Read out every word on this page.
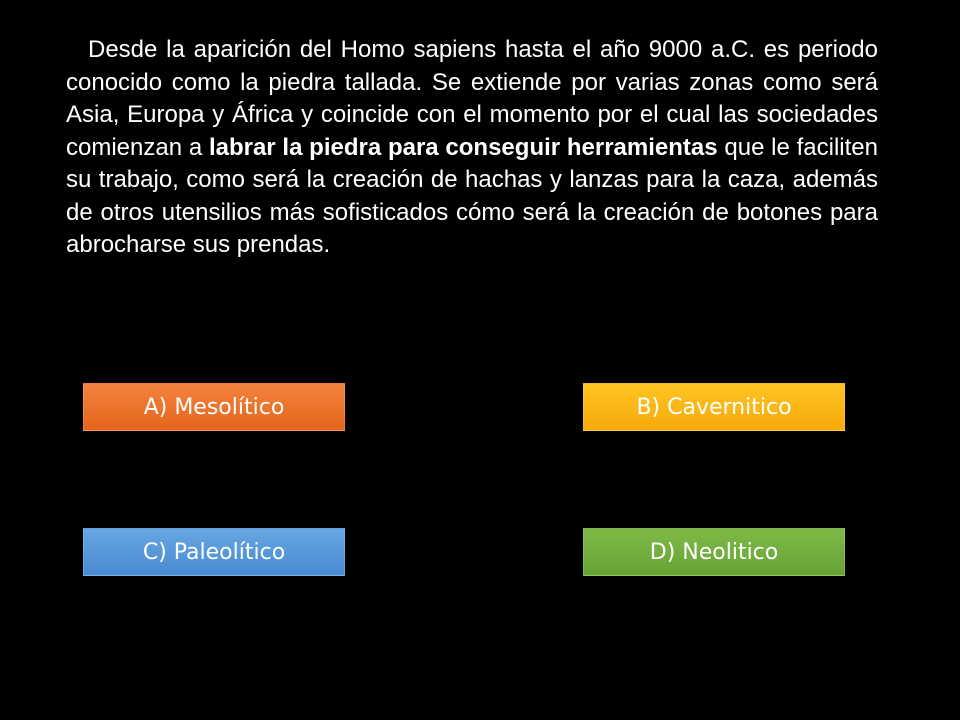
Desde la aparición del Homo sapiens hasta el año 9000 a.C. es periodo conocido como la piedra tallada. Se extiende por varias zonas como será Asia, Europa y África y coincide con el momento por el cual las sociedades comienzan a labrar la piedra para conseguir herramientas que le faciliten su trabajo, como será la creación de hachas y lanzas para la caza, además de otros utensilios más sofisticados cómo será la creación de botones para abrocharse sus prendas.

A) Mesolítico	B) Cavernitico
C) Paleolítico	D) Neolitico
